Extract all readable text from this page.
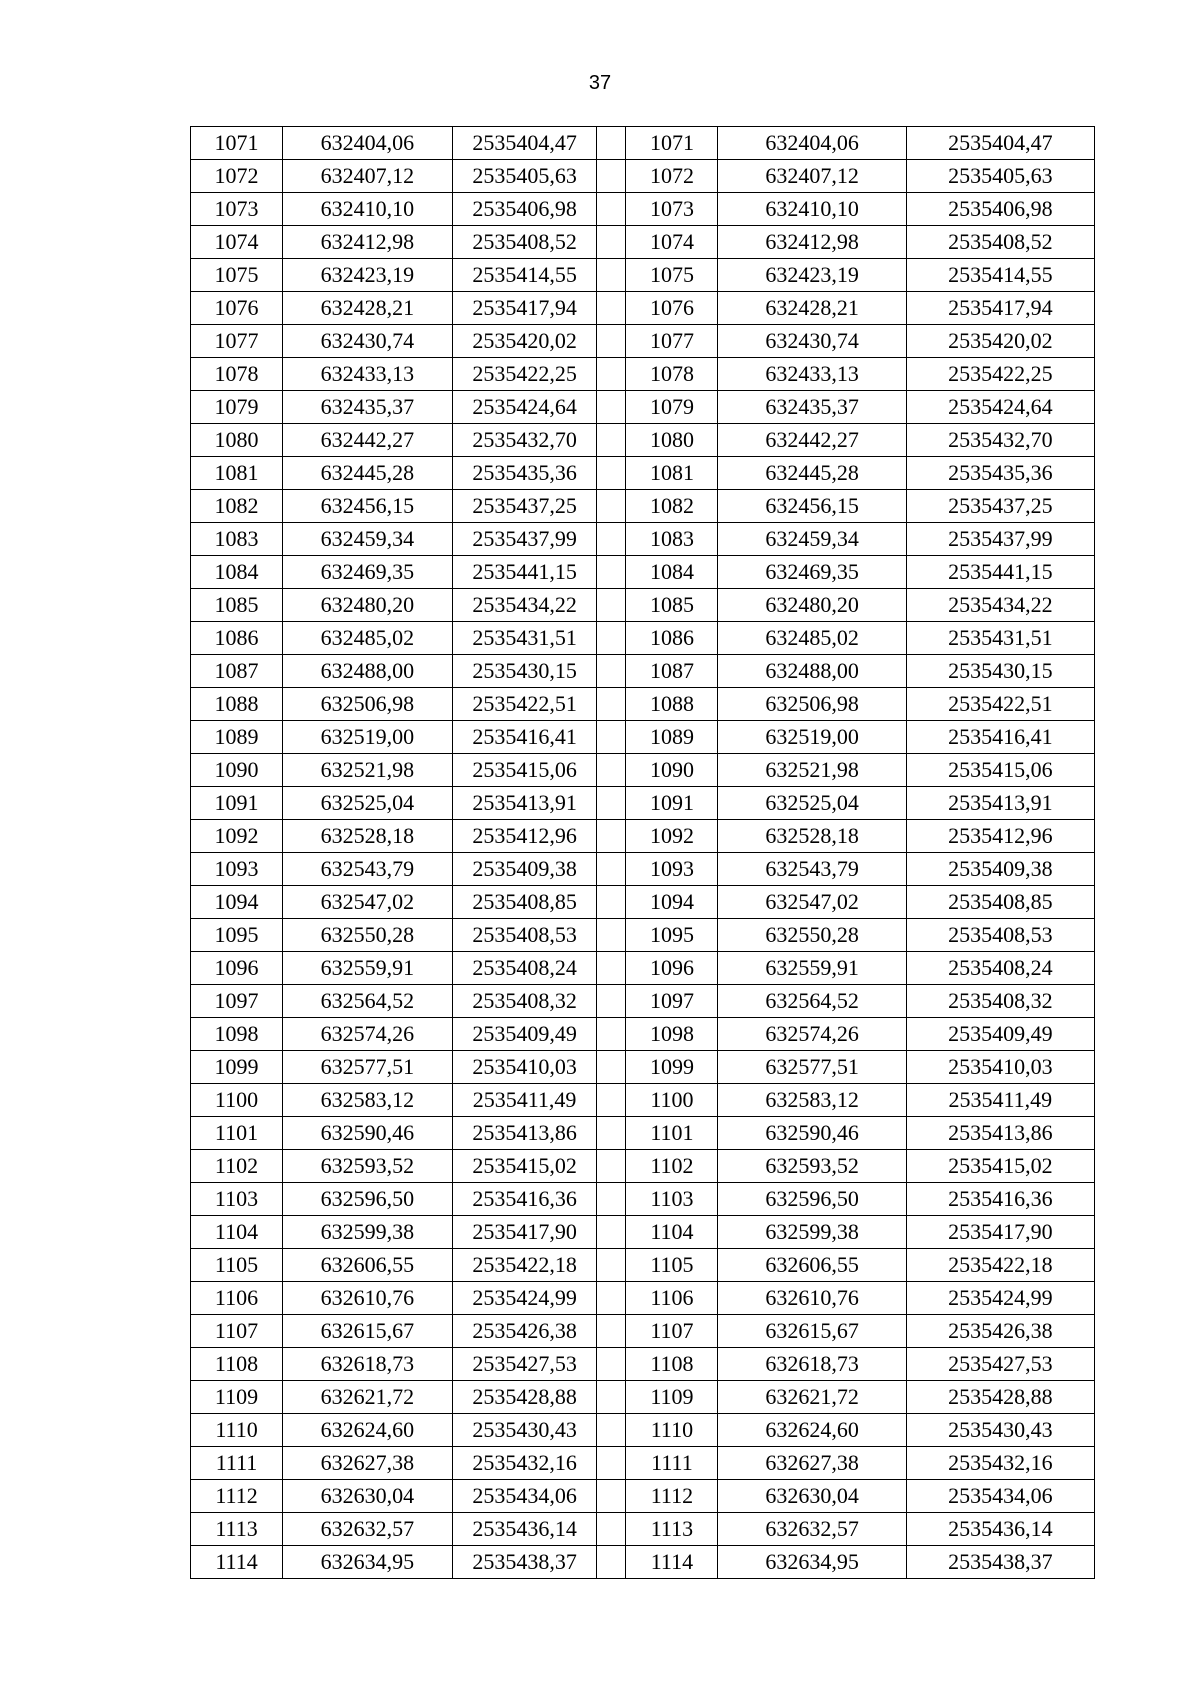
37
1071	632404,06	2535404,47		1071	632404,06	2535404,47
1072	632407,12	2535405,63		1072	632407,12	2535405,63
1073	632410,10	2535406,98		1073	632410,10	2535406,98
1074	632412,98	2535408,52		1074	632412,98	2535408,52
1075	632423,19	2535414,55		1075	632423,19	2535414,55
1076	632428,21	2535417,94		1076	632428,21	2535417,94
1077	632430,74	2535420,02		1077	632430,74	2535420,02
1078	632433,13	2535422,25		1078	632433,13	2535422,25
1079	632435,37	2535424,64		1079	632435,37	2535424,64
1080	632442,27	2535432,70		1080	632442,27	2535432,70
1081	632445,28	2535435,36		1081	632445,28	2535435,36
1082	632456,15	2535437,25		1082	632456,15	2535437,25
1083	632459,34	2535437,99		1083	632459,34	2535437,99
1084	632469,35	2535441,15		1084	632469,35	2535441,15
1085	632480,20	2535434,22		1085	632480,20	2535434,22
1086	632485,02	2535431,51		1086	632485,02	2535431,51
1087	632488,00	2535430,15		1087	632488,00	2535430,15
1088	632506,98	2535422,51		1088	632506,98	2535422,51
1089	632519,00	2535416,41		1089	632519,00	2535416,41
1090	632521,98	2535415,06		1090	632521,98	2535415,06
1091	632525,04	2535413,91		1091	632525,04	2535413,91
1092	632528,18	2535412,96		1092	632528,18	2535412,96
1093	632543,79	2535409,38		1093	632543,79	2535409,38
1094	632547,02	2535408,85		1094	632547,02	2535408,85
1095	632550,28	2535408,53		1095	632550,28	2535408,53
1096	632559,91	2535408,24		1096	632559,91	2535408,24
1097	632564,52	2535408,32		1097	632564,52	2535408,32
1098	632574,26	2535409,49		1098	632574,26	2535409,49
1099	632577,51	2535410,03		1099	632577,51	2535410,03
1100	632583,12	2535411,49		1100	632583,12	2535411,49
1101	632590,46	2535413,86		1101	632590,46	2535413,86
1102	632593,52	2535415,02		1102	632593,52	2535415,02
1103	632596,50	2535416,36		1103	632596,50	2535416,36
1104	632599,38	2535417,90		1104	632599,38	2535417,90
1105	632606,55	2535422,18		1105	632606,55	2535422,18
1106	632610,76	2535424,99		1106	632610,76	2535424,99
1107	632615,67	2535426,38		1107	632615,67	2535426,38
1108	632618,73	2535427,53		1108	632618,73	2535427,53
1109	632621,72	2535428,88		1109	632621,72	2535428,88
1110	632624,60	2535430,43		1110	632624,60	2535430,43
1111	632627,38	2535432,16		1111	632627,38	2535432,16
1112	632630,04	2535434,06		1112	632630,04	2535434,06
1113	632632,57	2535436,14		1113	632632,57	2535436,14
1114	632634,95	2535438,37		1114	632634,95	2535438,37
